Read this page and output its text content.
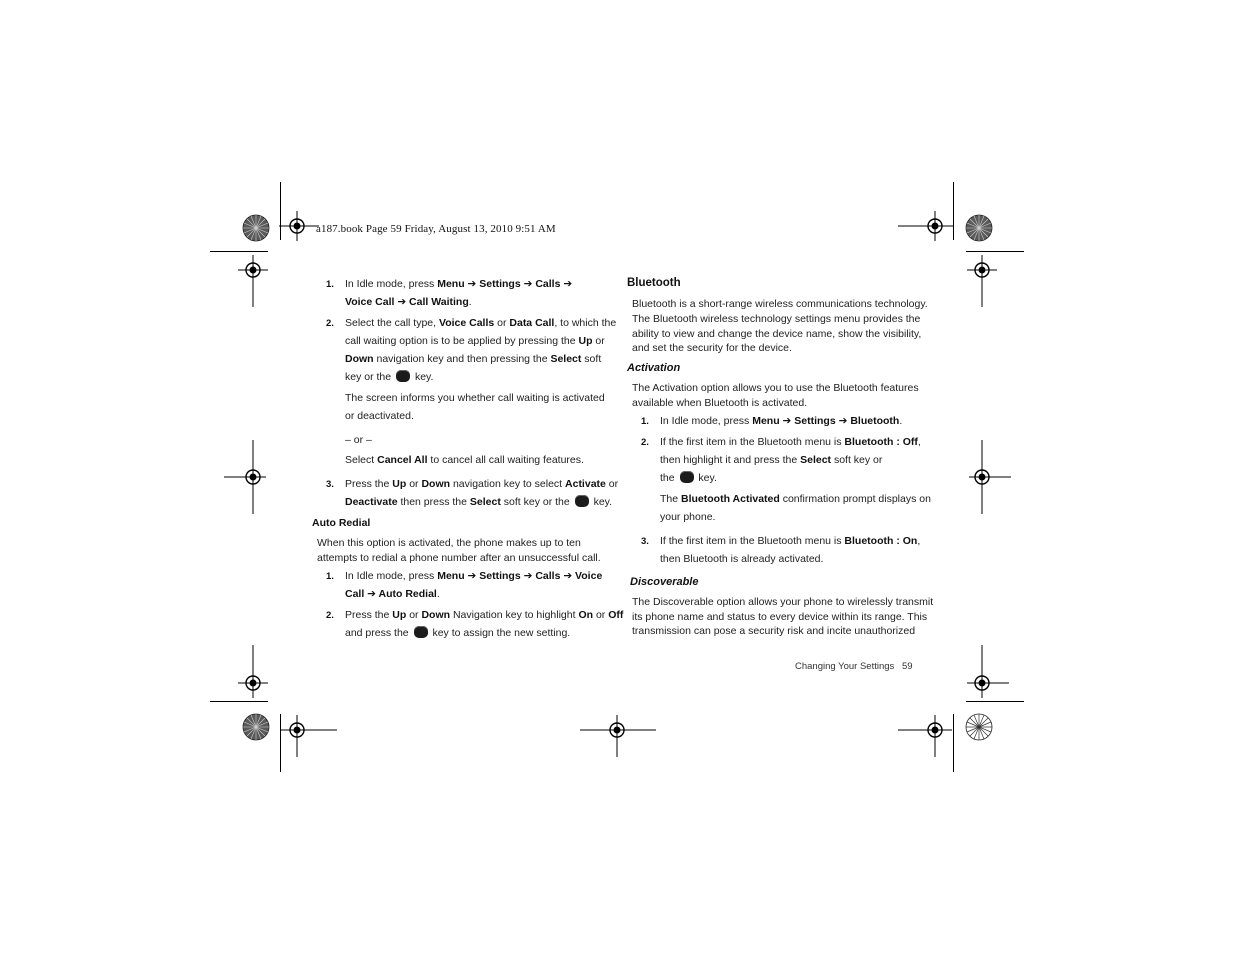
a187.book Page 59 Friday, August 13, 2010 9:51 AM
1. In Idle mode, press Menu ➔ Settings ➔ Calls ➔
Voice Call ➔ Call Waiting.
2. Select the call type, Voice Calls or Data Call, to which the
call waiting option is to be applied by pressing the Up or
Down navigation key and then pressing the Select soft
key or the  key.
The screen informs you whether call waiting is activated
or deactivated.
– or –
Select Cancel All to cancel all call waiting features.
3. Press the Up or Down navigation key to select Activate or
Deactivate then press the Select soft key or the  key.
Auto Redial
When this option is activated, the phone makes up to ten
attempts to redial a phone number after an unsuccessful call.
1. In Idle mode, press Menu ➔ Settings ➔ Calls ➔ Voice
Call ➔ Auto Redial.
2. Press the Up or Down Navigation key to highlight On or Off
and press the  key to assign the new setting.
Bluetooth
Bluetooth is a short-range wireless communications technology.
The Bluetooth wireless technology settings menu provides the
ability to view and change the device name, show the visibility,
and set the security for the device.
Activation
The Activation option allows you to use the Bluetooth features
available when Bluetooth is activated.
1. In Idle mode, press Menu ➔ Settings ➔ Bluetooth.
2. If the first item in the Bluetooth menu is Bluetooth : Off,
then highlight it and press the Select soft key or
the  key.
The Bluetooth Activated confirmation prompt displays on
your phone.
3. If the first item in the Bluetooth menu is Bluetooth : On,
then Bluetooth is already activated.
Discoverable
The Discoverable option allows your phone to wirelessly transmit
its phone name and status to every device within its range. This
transmission can pose a security risk and incite unauthorized
Changing Your Settings 59
